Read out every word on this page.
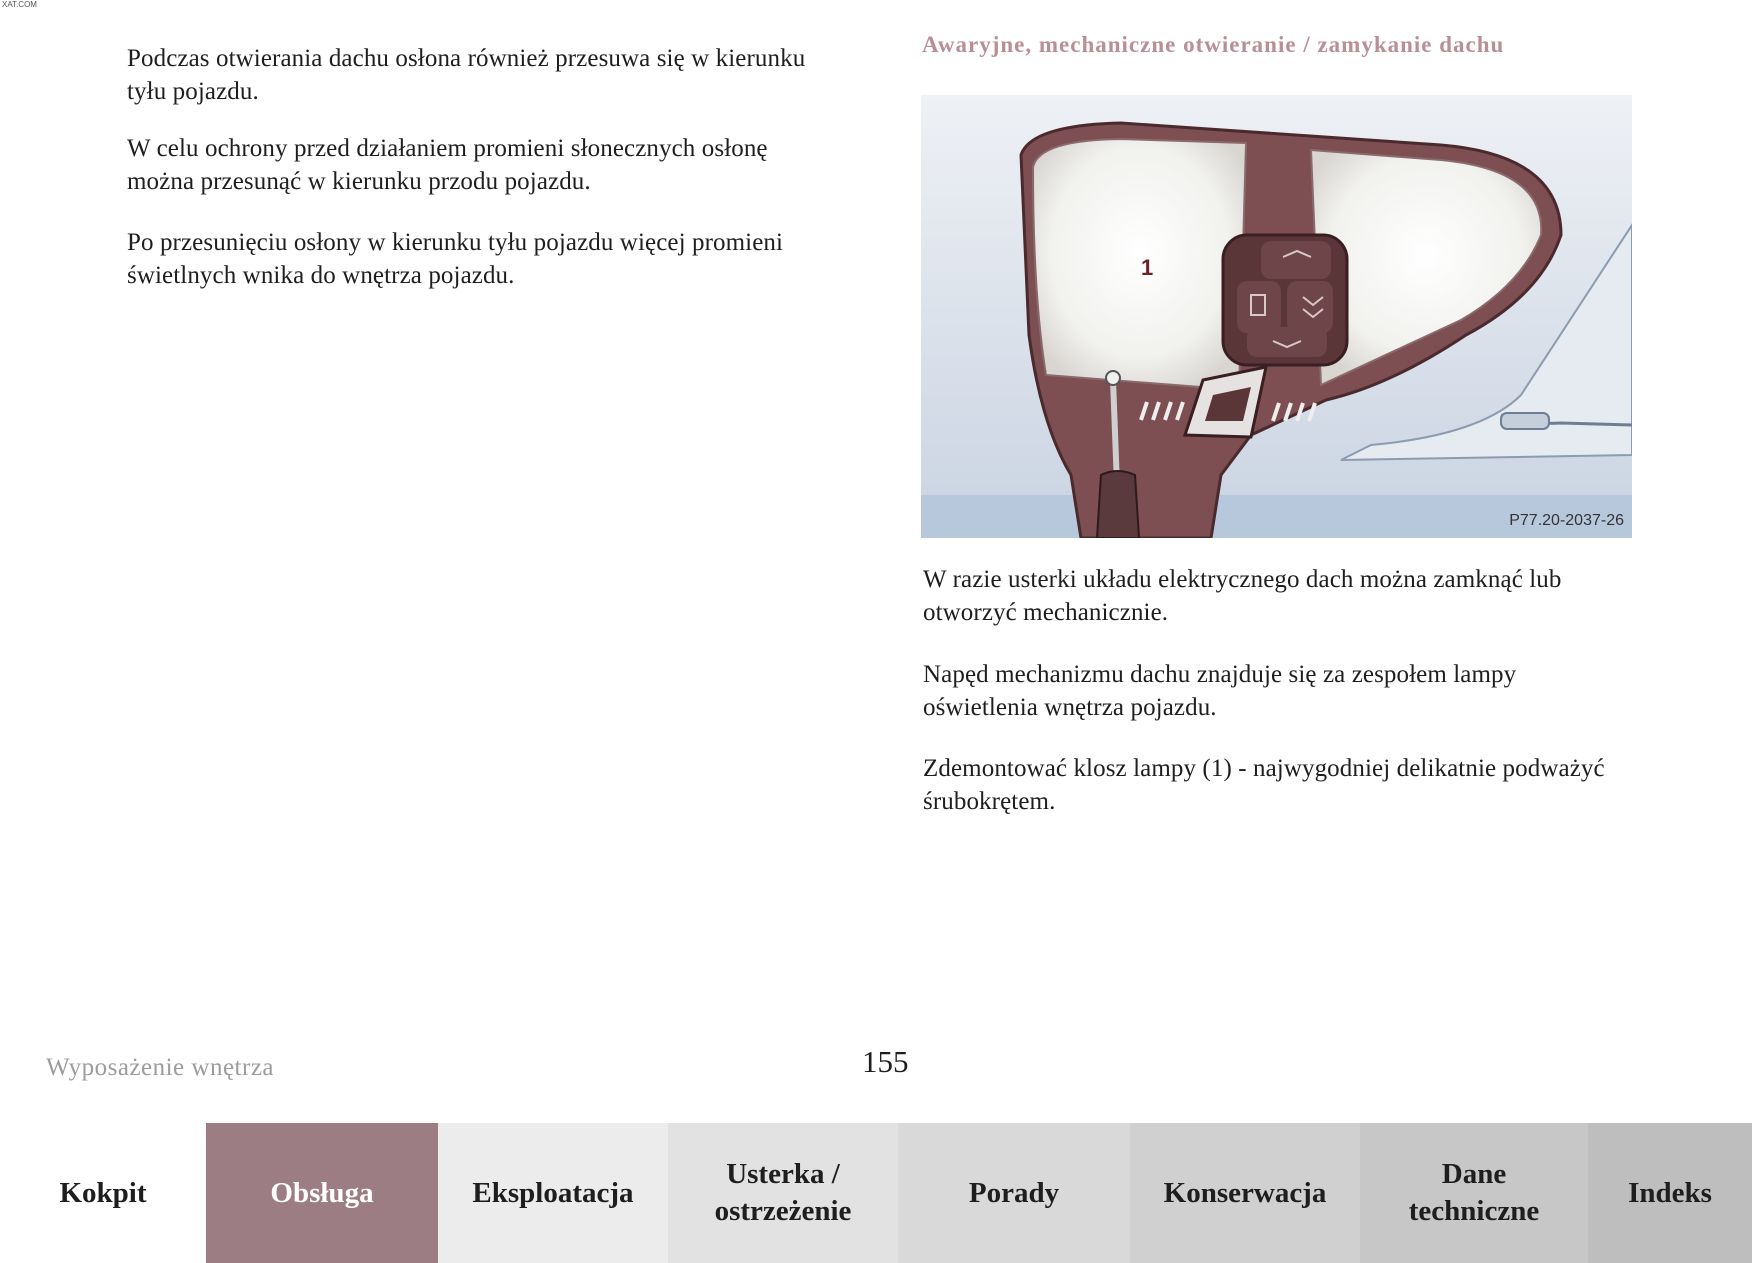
XAT.COM

Podczas otwierania dachu osłona również przesuwa się w kierunku tyłu pojazdu.

W celu ochrony przed działaniem promieni słonecznych osłonę można przesunąć w kierunku przodu pojazdu.

Po przesunięciu osłony w kierunku tyłu pojazdu więcej promieni świetlnych wnika do wnętrza pojazdu.

Awaryjne, mechaniczne otwieranie / zamykanie dachu
1
P77.20-2037-26

W razie usterki układu elektrycznego dach można zamknąć lub otworzyć mechanicznie.

Napęd mechanizmu dachu znajduje się za zespołem lampy oświetlenia wnętrza pojazdu.

Zdemontować klosz lampy (1) - najwygodniej delikatnie podważyć śrubokrętem.

Wyposażenie wnętrza	155
Kokpit	Obsługa	Eksploatacja
Usterka /
ostrzeżenie
Porady	Konserwacja
Dane
techniczne
Indeks
